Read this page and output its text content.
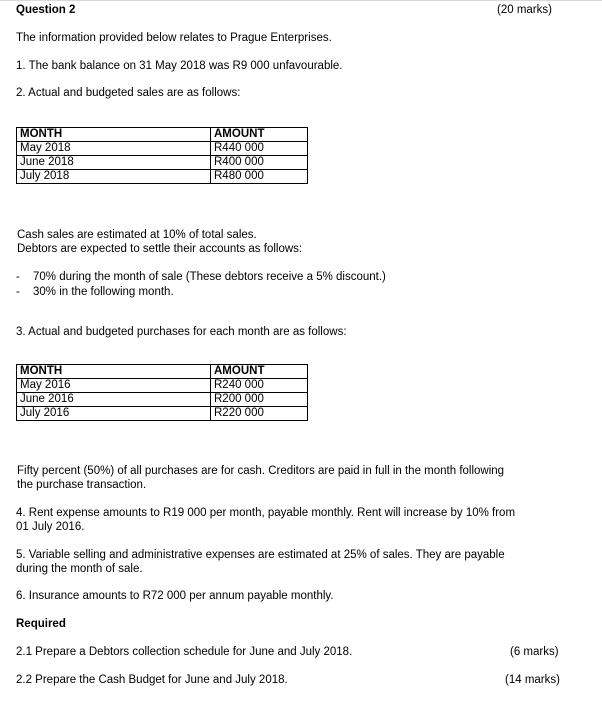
Question 2	(20 marks)
The information provided below relates to Prague Enterprises.
1. The bank balance on 31 May 2018 was R9 000 unfavourable.
2. Actual and budgeted sales are as follows:
MONTH	AMOUNT
May 2018	R440 000
June 2018	R400 000
July 2018	R480 000
Cash sales are estimated at 10% of total sales.
Debtors are expected to settle their accounts as follows:
- 70% during the month of sale (These debtors receive a 5% discount.)
- 30% in the following month.
3. Actual and budgeted purchases for each month are as follows:
MONTH	AMOUNT
May 2016	R240 000
June 2016	R200 000
July 2016	R220 000
Fifty percent (50%) of all purchases are for cash. Creditors are paid in full in the month following
the purchase transaction.
4. Rent expense amounts to R19 000 per month, payable monthly. Rent will increase by 10% from
01 July 2016.
5. Variable selling and administrative expenses are estimated at 25% of sales. They are payable
during the month of sale.
6. Insurance amounts to R72 000 per annum payable monthly.
Required
2.1 Prepare a Debtors collection schedule for June and July 2018.	(6 marks)
2.2 Prepare the Cash Budget for June and July 2018.	(14 marks)
